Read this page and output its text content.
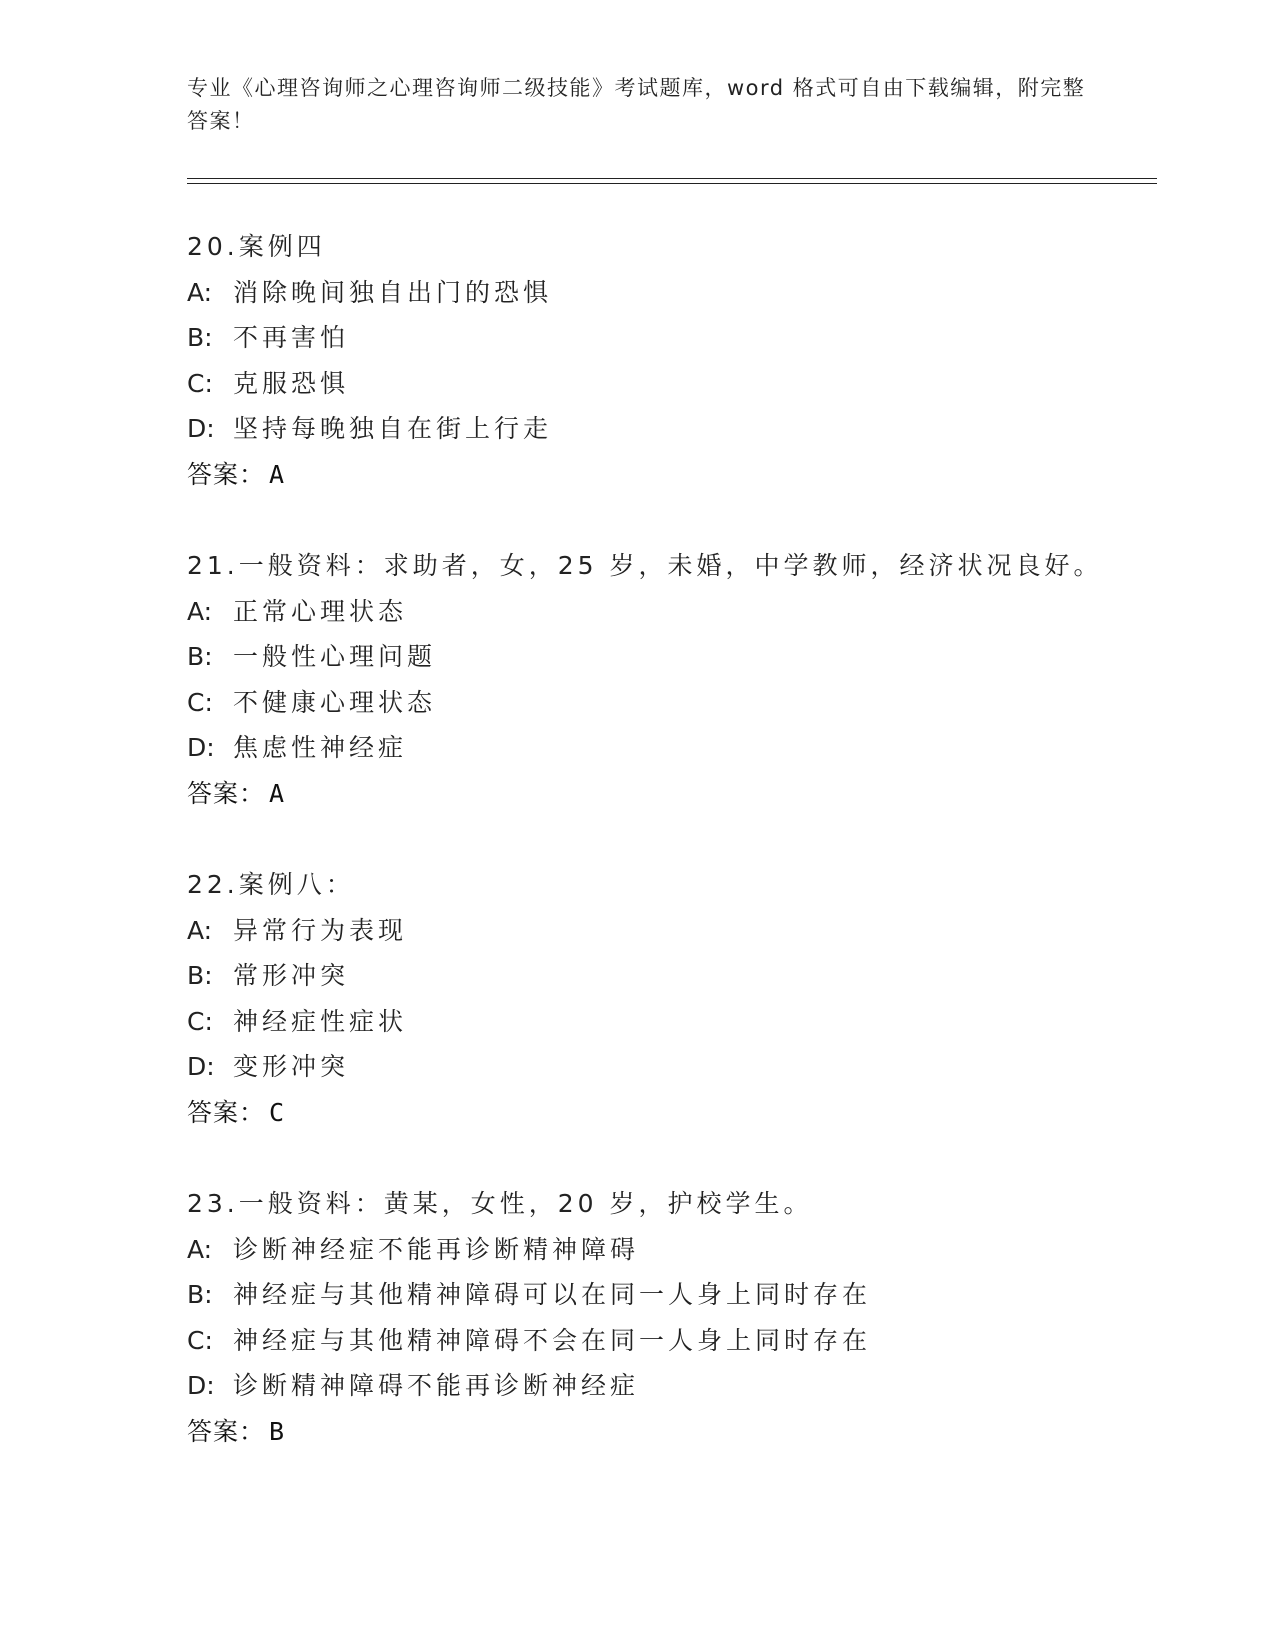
专业《心理咨询师之心理咨询师二级技能》考试题库，word 格式可自由下载编辑，附完整答案！
20.案例四
A: 消除晚间独自出门的恐惧
B: 不再害怕
C: 克服恐惧
D: 坚持每晚独自在街上行走
答案： A
21.一般资料：求助者，女，25 岁，未婚，中学教师，经济状况良好。
A: 正常心理状态
B: 一般性心理问题
C: 不健康心理状态
D: 焦虑性神经症
答案： A
22.案例八：
A: 异常行为表现
B: 常形冲突
C: 神经症性症状
D: 变形冲突
答案： C
23.一般资料：黄某，女性，20 岁，护校学生。
A: 诊断神经症不能再诊断精神障碍
B: 神经症与其他精神障碍可以在同一人身上同时存在
C: 神经症与其他精神障碍不会在同一人身上同时存在
D: 诊断精神障碍不能再诊断神经症
答案： B
